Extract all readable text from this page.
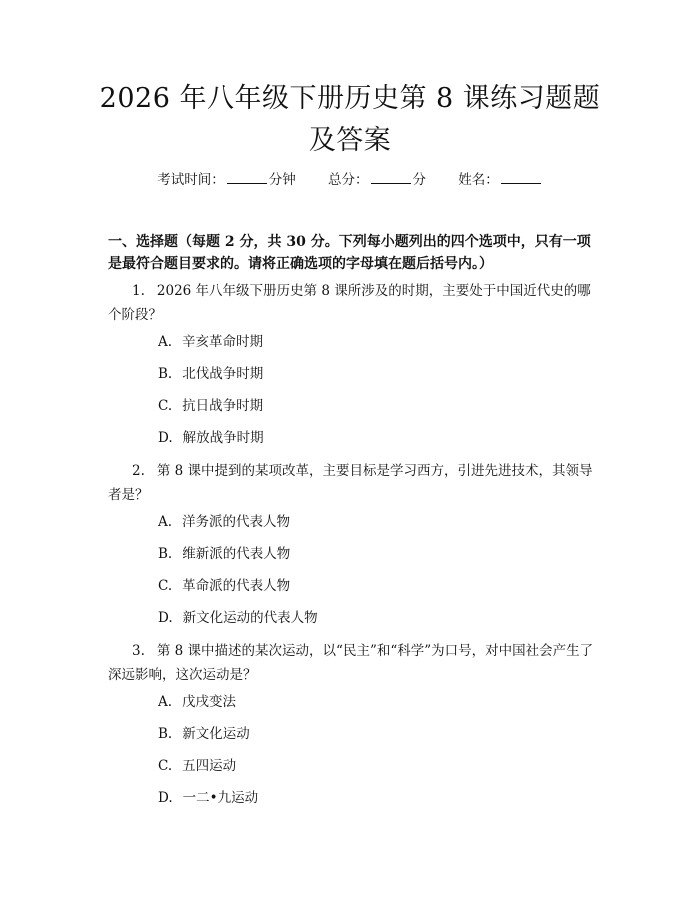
2026 年八年级下册历史第 8 课练习题题及答案
考试时间：	分钟 总分：	分 姓名：
一、选择题（每题 2 分，共 30 分。下列每小题列出的四个选项中，只有一项是最符合题目要求的。请将正确选项的字母填在题后括号内。）
1. 2026 年八年级下册历史第 8 课所涉及的时期，主要处于中国近代史的哪个阶段？
A. 辛亥革命时期
B. 北伐战争时期
C. 抗日战争时期
D. 解放战争时期
2. 第 8 课中提到的某项改革，主要目标是学习西方，引进先进技术，其领导者是？
A. 洋务派的代表人物
B. 维新派的代表人物
C. 革命派的代表人物
D. 新文化运动的代表人物
3. 第 8 课中描述的某次运动，以“民主”和“科学”为口号，对中国社会产生了深远影响，这次运动是？
A. 戊戌变法
B. 新文化运动
C. 五四运动
D. 一二•九运动
